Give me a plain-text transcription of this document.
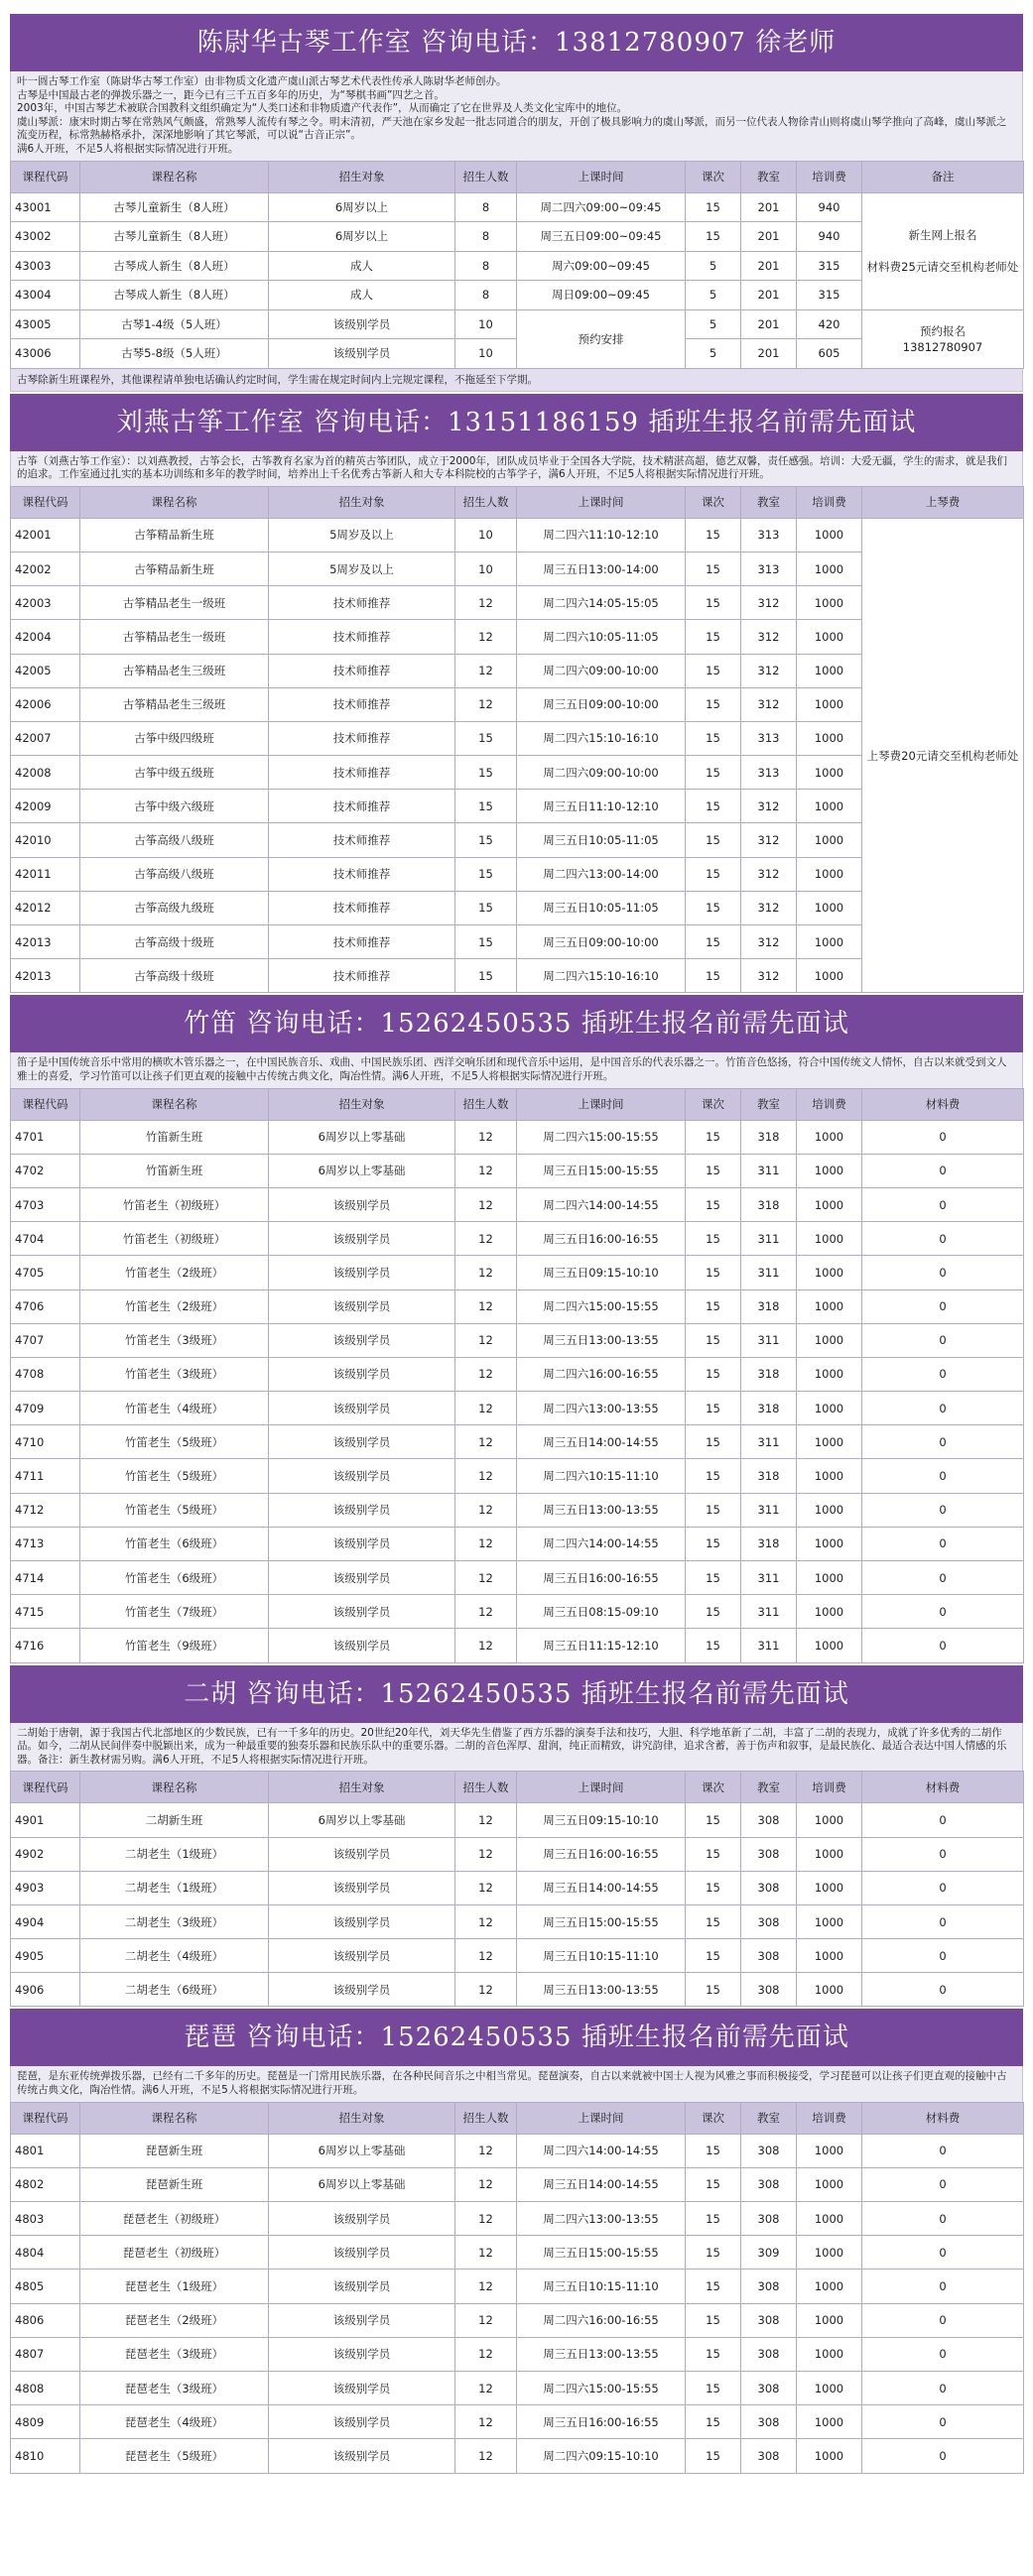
陈尉华古琴工作室 咨询电话：13812780907 徐老师
叶一圆古琴工作室（陈尉华古琴工作室）由非物质文化遗产虞山派古琴艺术代表性传承人陈尉华老师创办。
古琴是中国最古老的弹拨乐器之一，距今已有三千五百多年的历史，为“琴棋书画”四艺之首。
2003年，中国古琴艺术被联合国教科文组织确定为“人类口述和非物质遗产代表作”，从而确定了它在世界及人类文化宝库中的地位。
虞山琴派：康宋时期古琴在常熟风气颇盛，常熟琴人流传有琴之令。明末清初，严天池在家乡发起一批志同道合的朋友，开创了极具影响力的虞山琴派，而另一位代表人物徐青山则将虞山琴学推向了高峰，虞山琴派之流变历程，标常熟赫格承扑，深深地影响了其它琴派，可以说“古音正宗”。
满6人开班，不足5人将根据实际情况进行开班。
课程代码	课程名称	招生对象	招生人数	上课时间	课次	教室	培训费	备注
43001	古琴儿童新生（8人班）	6周岁以上	8	周二四六09:00~09:45	15	201	940	新生网上报名

材料费25元请交至机构老师处
43002	古琴儿童新生（8人班）	6周岁以上	8	周三五日09:00~09:45	15	201	940	
43003	古琴成人新生（8人班）	成人	8	周六09:00~09:45	5	201	315	
43004	古琴成人新生（8人班）	成人	8	周日09:00~09:45	5	201	315	
43005	古琴1-4级（5人班）	该级别学员	10	预约安排	5	201	420	预约报名
13812780907
43006	古琴5-8级（5人班）	该级别学员	10		5	201	605	
古琴除新生班课程外，其他课程请单独电话确认约定时间，学生需在规定时间内上完规定课程，不拖延至下学期。
刘燕古筝工作室 咨询电话：13151186159 插班生报名前需先面试
古筝（刘燕古筝工作室）：以刘燕教授，古筝会长，古筝教育名家为首的精英古筝团队，成立于2000年，团队成员毕业于全国各大学院，技术精湛高超，德艺双馨，责任感强。培训：大爱无疆，学生的需求，就是我们的追求。工作室通过扎实的基本功训练和多年的教学时间，培养出上千名优秀古筝新人和大专本科院校的古筝学子，满6人开班，不足5人将根据实际情况进行开班。
课程代码	课程名称	招生对象	招生人数	上课时间	课次	教室	培训费	上琴费
42001	古筝精品新生班	5周岁及以上	10	周二四六11:10-12:10	15	313	1000	上琴费20元请交至机构老师处
42002	古筝精品新生班	5周岁及以上	10	周三五日13:00-14:00	15	313	1000	
42003	古筝精品老生一级班	技术师推荐	12	周二四六14:05-15:05	15	312	1000	
42004	古筝精品老生一级班	技术师推荐	12	周二四六10:05-11:05	15	312	1000	
42005	古筝精品老生三级班	技术师推荐	12	周二四六09:00-10:00	15	312	1000	
42006	古筝精品老生三级班	技术师推荐	12	周三五日09:00-10:00	15	312	1000	
42007	古筝中级四级班	技术师推荐	15	周二四六15:10-16:10	15	313	1000	
42008	古筝中级五级班	技术师推荐	15	周二四六09:00-10:00	15	313	1000	
42009	古筝中级六级班	技术师推荐	15	周三五日11:10-12:10	15	312	1000	
42010	古筝高级八级班	技术师推荐	15	周三五日10:05-11:05	15	312	1000	
42011	古筝高级八级班	技术师推荐	15	周二四六13:00-14:00	15	312	1000	
42012	古筝高级九级班	技术师推荐	15	周三五日10:05-11:05	15	312	1000	
42013	古筝高级十级班	技术师推荐	15	周三五日09:00-10:00	15	312	1000	
42013	古筝高级十级班	技术师推荐	15	周二四六15:10-16:10	15	312	1000	
竹笛 咨询电话：15262450535 插班生报名前需先面试
笛子是中国传统音乐中常用的横吹木管乐器之一，在中国民族音乐、戏曲、中国民族乐团、西洋交响乐团和现代音乐中运用，是中国音乐的代表乐器之一。竹笛音色悠扬，符合中国传统文人情怀，自古以来就受到文人雅士的喜爱，学习竹笛可以让孩子们更直观的接触中古传统古典文化，陶冶性情。满6人开班，不足5人将根据实际情况进行开班。
课程代码	课程名称	招生对象	招生人数	上课时间	课次	教室	培训费	材料费
4701	竹笛新生班	6周岁以上零基础	12	周二四六15:00-15:55	15	318	1000	0
4702	竹笛新生班	6周岁以上零基础	12	周三五日15:00-15:55	15	311	1000	0
4703	竹笛老生（初级班）	该级别学员	12	周二四六14:00-14:55	15	318	1000	0
4704	竹笛老生（初级班）	该级别学员	12	周三五日16:00-16:55	15	311	1000	0
4705	竹笛老生（2级班）	该级别学员	12	周三五日09:15-10:10	15	311	1000	0
4706	竹笛老生（2级班）	该级别学员	12	周二四六15:00-15:55	15	318	1000	0
4707	竹笛老生（3级班）	该级别学员	12	周三五日13:00-13:55	15	311	1000	0
4708	竹笛老生（3级班）	该级别学员	12	周二四六16:00-16:55	15	318	1000	0
4709	竹笛老生（4级班）	该级别学员	12	周二四六13:00-13:55	15	318	1000	0
4710	竹笛老生（5级班）	该级别学员	12	周三五日14:00-14:55	15	311	1000	0
4711	竹笛老生（5级班）	该级别学员	12	周二四六10:15-11:10	15	318	1000	0
4712	竹笛老生（5级班）	该级别学员	12	周三五日13:00-13:55	15	311	1000	0
4713	竹笛老生（6级班）	该级别学员	12	周二四六14:00-14:55	15	318	1000	0
4714	竹笛老生（6级班）	该级别学员	12	周三五日16:00-16:55	15	311	1000	0
4715	竹笛老生（7级班）	该级别学员	12	周三五日08:15-09:10	15	311	1000	0
4716	竹笛老生（9级班）	该级别学员	12	周三五日11:15-12:10	15	311	1000	0
二胡 咨询电话：15262450535 插班生报名前需先面试
二胡始于唐朝，源于我国古代北部地区的少数民族，已有一千多年的历史。20世纪20年代，刘天华先生借鉴了西方乐器的演奏手法和技巧，大胆、科学地革新了二胡，丰富了二胡的表现力，成就了许多优秀的二胡作品。如今，二胡从民间伴奏中脱颖出来，成为一种最重要的独奏乐器和民族乐队中的重要乐器。二胡的音色浑厚、甜润，纯正而精致，讲究韵律，追求含蓄，善于伤声和叙事，是最民族化、最适合表达中国人情感的乐器。备注：新生教材需另购。满6人开班，不足5人将根据实际情况进行开班。
课程代码	课程名称	招生对象	招生人数	上课时间	课次	教室	培训费	材料费
4901	二胡新生班	6周岁以上零基础	12	周三五日09:15-10:10	15	308	1000	0
4902	二胡老生（1级班）	该级别学员	12	周三五日16:00-16:55	15	308	1000	0
4903	二胡老生（1级班）	该级别学员	12	周三五日14:00-14:55	15	308	1000	0
4904	二胡老生（3级班）	该级别学员	12	周三五日15:00-15:55	15	308	1000	0
4905	二胡老生（4级班）	该级别学员	12	周三五日10:15-11:10	15	308	1000	0
4906	二胡老生（6级班）	该级别学员	12	周三五日13:00-13:55	15	308	1000	0
琵琶 咨询电话：15262450535 插班生报名前需先面试
琵琶，是东亚传统弹拨乐器，已经有二千多年的历史。琵琶是一门常用民族乐器，在各种民间音乐之中相当常见。琵琶演奏，自古以来就被中国士人视为风雅之事而积极接受，学习琵琶可以让孩子们更直观的接触中古传统古典文化，陶冶性情。满6人开班，不足5人将根据实际情况进行开班。
课程代码	课程名称	招生对象	招生人数	上课时间	课次	教室	培训费	材料费
4801	琵琶新生班	6周岁以上零基础	12	周二四六14:00-14:55	15	308	1000	0
4802	琵琶新生班	6周岁以上零基础	12	周三五日14:00-14:55	15	308	1000	0
4803	琵琶老生（初级班）	该级别学员	12	周二四六13:00-13:55	15	308	1000	0
4804	琵琶老生（初级班）	该级别学员	12	周三五日15:00-15:55	15	309	1000	0
4805	琵琶老生（1级班）	该级别学员	12	周三五日10:15-11:10	15	308	1000	0
4806	琵琶老生（2级班）	该级别学员	12	周二四六16:00-16:55	15	308	1000	0
4807	琵琶老生（3级班）	该级别学员	12	周三五日13:00-13:55	15	308	1000	0
4808	琵琶老生（3级班）	该级别学员	12	周二四六15:00-15:55	15	308	1000	0
4809	琵琶老生（4级班）	该级别学员	12	周三五日16:00-16:55	15	308	1000	0
4810	琵琶老生（5级班）	该级别学员	12	周二四六09:15-10:10	15	308	1000	0
